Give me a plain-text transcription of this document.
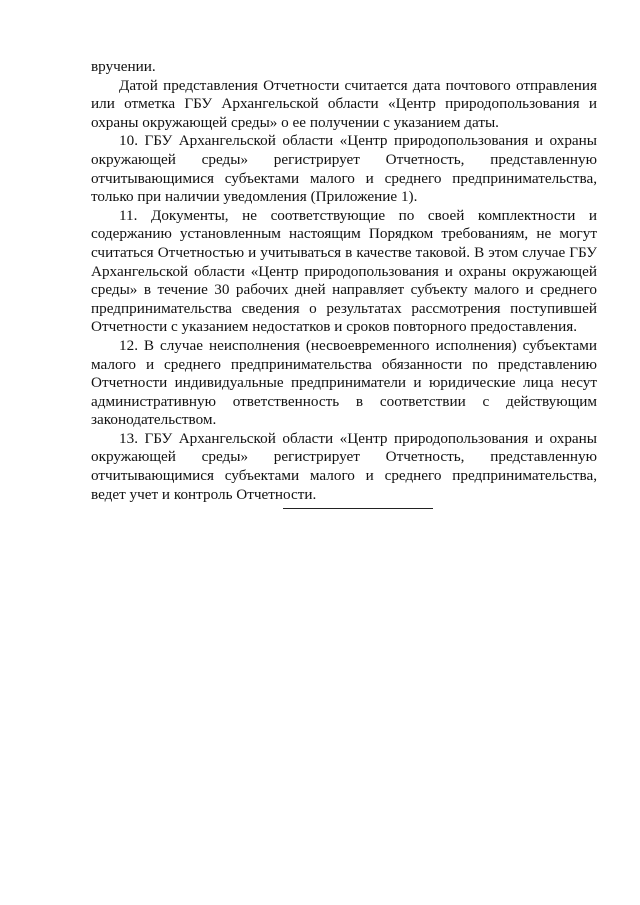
вручении.

Датой представления Отчетности считается дата почтового отправления или отметка ГБУ Архангельской области «Центр природопользования и охраны окружающей среды» о ее получении с указанием даты.

10. ГБУ Архангельской области «Центр природопользования и охраны окружающей среды» регистрирует Отчетность, представленную отчитывающимися субъектами малого и среднего предпринимательства, только при наличии уведомления (Приложение 1).

11. Документы, не соответствующие по своей комплектности и содержанию установленным настоящим Порядком требованиям, не могут считаться Отчетностью и учитываться в качестве таковой. В этом случае ГБУ Архангельской области «Центр природопользования и охраны окружающей среды» в течение 30 рабочих дней направляет субъекту малого и среднего предпринимательства сведения о результатах рассмотрения поступившей Отчетности с указанием недостатков и сроков повторного предоставления.

12. В случае неисполнения (несвоевременного исполнения) субъектами малого и среднего предпринимательства обязанности по представлению Отчетности индивидуальные предприниматели и юридические лица несут административную ответственность в соответствии с действующим законодательством.

13. ГБУ Архангельской области «Центр природопользования и охраны окружающей среды» регистрирует Отчетность, представленную отчитывающимися субъектами малого и среднего предпринимательства, ведет учет и контроль Отчетности.
